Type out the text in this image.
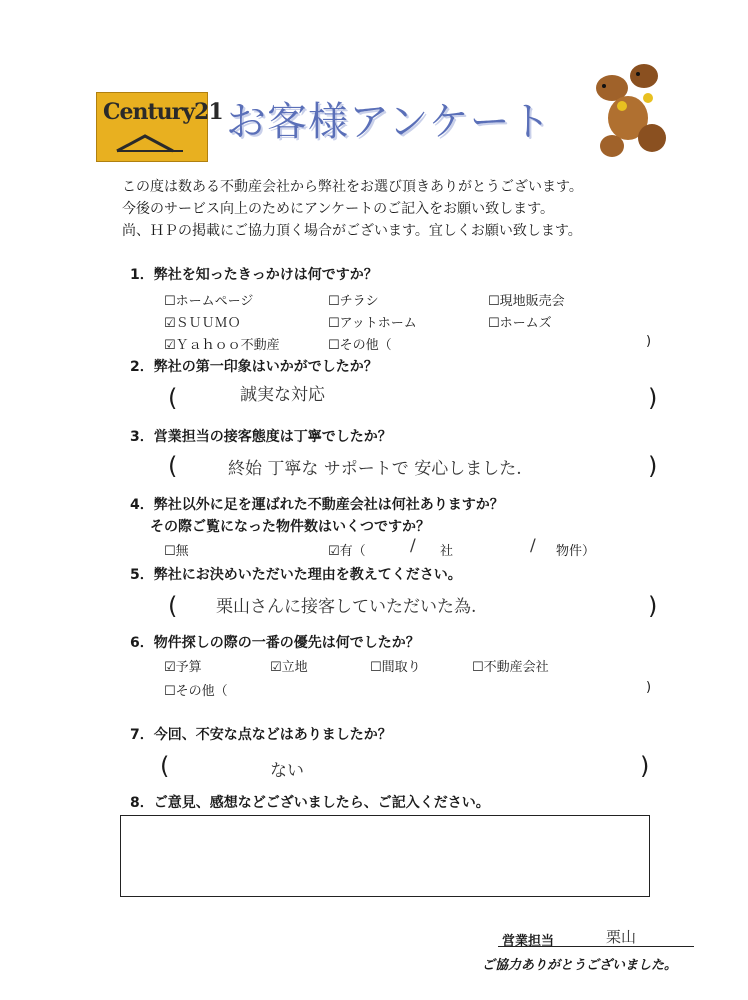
Century21 お客様アンケート
この度は数ある不動産会社から弊社をお選び頂きありがとうございます。
今後のサービス向上のためにアンケートのご記入をお願い致します。
尚、ＨＰの掲載にご協力頂く場合がございます。宜しくお願い致します。
1．弊社を知ったきっかけは何ですか？
☐ホームページ	☐チラシ	☐現地販売会
☑ＳＵＵＭＯ	☐アットホーム	☐ホームズ
☑Ｙａｈｏｏ不動産	☐その他（	)
2．弊社の第一印象はいかがでしたか？
(	誠実な対応	)
3．営業担当の接客態度は丁寧でしたか？
(	終始 丁寧な サポートで 安心しました.	)
4．弊社以外に足を運ばれた不動産会社は何社ありますか？
その際ご覧になった物件数はいくつですか？
☐無	☑有（	/ 社	/ 物件）
5．弊社にお決めいただいた理由を教えてください。
( 栗山さんに接客していただいた為.	)
6．物件探しの際の一番の優先は何でしたか？
☑予算	☑立地	☐間取り	☐不動産会社
☐その他（	)
7．今回、不安な点などはありましたか？
(	ない	)
8．ご意見、感想などございましたら、ご記入ください。
営業担当	栗山
ご協力ありがとうございました。
